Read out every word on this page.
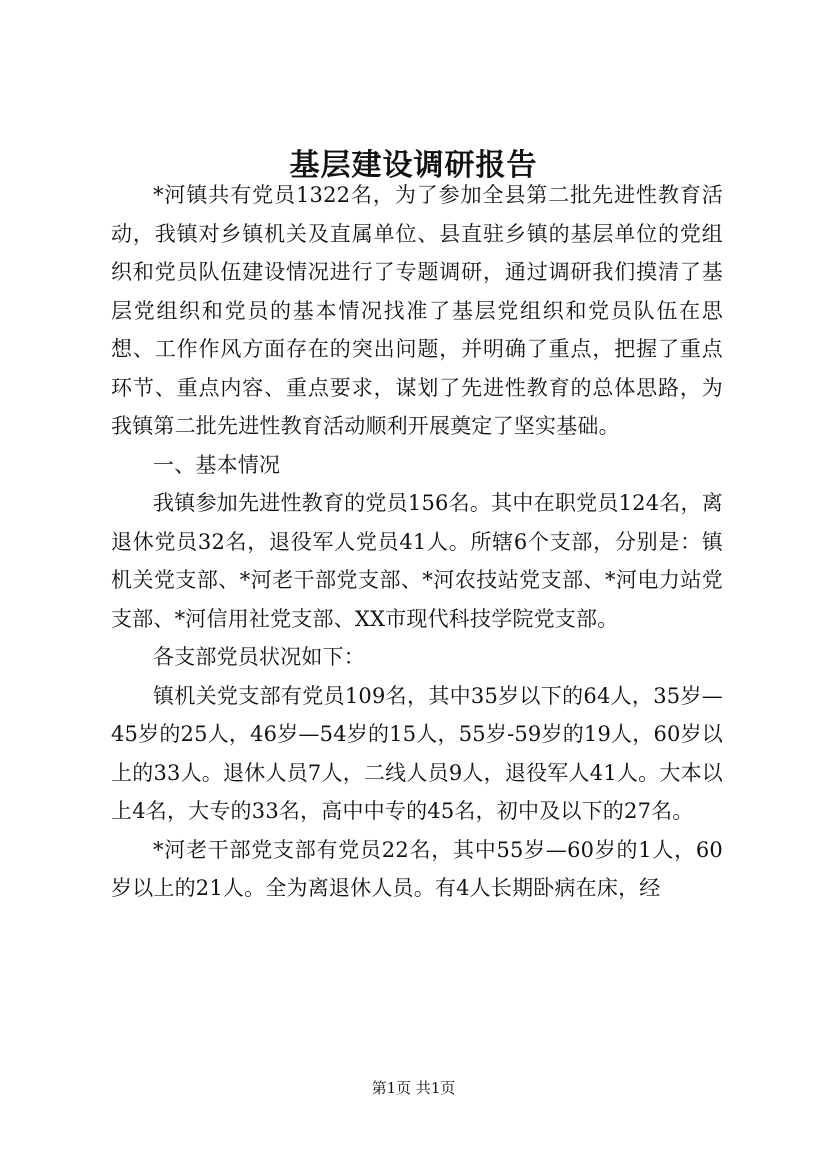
基层建设调研报告

*河镇共有党员1322名，为了参加全县第二批先进性教育活动，我镇对乡镇机关及直属单位、县直驻乡镇的基层单位的党组织和党员队伍建设情况进行了专题调研，通过调研我们摸清了基层党组织和党员的基本情况找准了基层党组织和党员队伍在思想、工作作风方面存在的突出问题，并明确了重点，把握了重点环节、重点内容、重点要求，谋划了先进性教育的总体思路，为我镇第二批先进性教育活动顺利开展奠定了坚实基础。

一、基本情况

我镇参加先进性教育的党员156名。其中在职党员124名，离退休党员32名，退役军人党员41人。所辖6个支部，分别是：镇机关党支部、*河老干部党支部、*河农技站党支部、*河电力站党支部、*河信用社党支部、XX市现代科技学院党支部。

各支部党员状况如下：

镇机关党支部有党员109名，其中35岁以下的64人，35岁—45岁的25人，46岁—54岁的15人，55岁-59岁的19人，60岁以上的33人。退休人员7人，二线人员9人，退役军人41人。大本以上4名，大专的33名，高中中专的45名，初中及以下的27名。

*河老干部党支部有党员22名，其中55岁—60岁的1人，60岁以上的21人。全为离退休人员。有4人长期卧病在床，经

第1页 共1页
